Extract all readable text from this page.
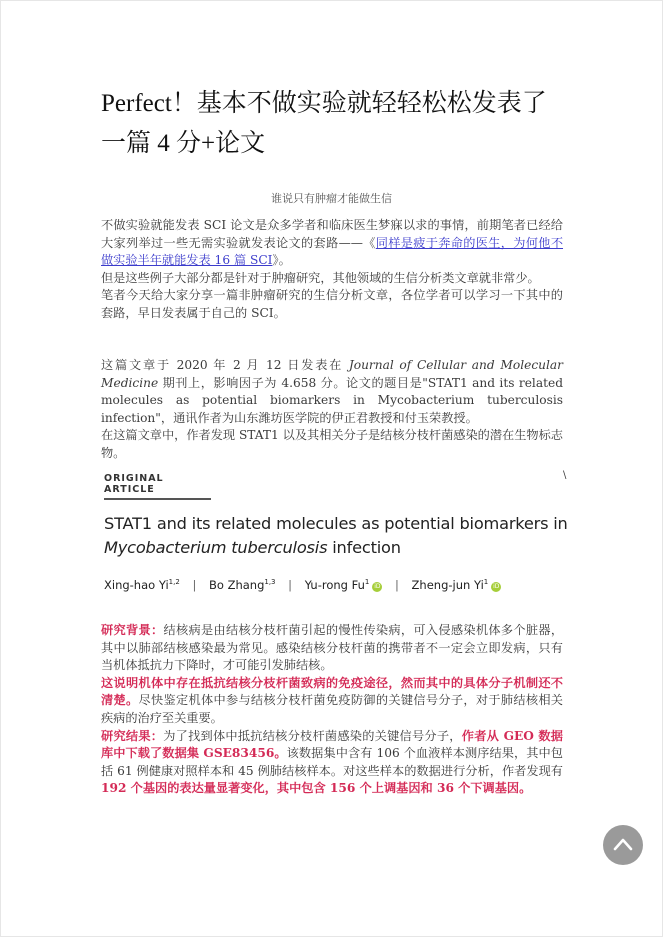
Perfect！基本不做实验就轻轻松松发表了一篇 4 分+论文
谁说只有肿瘤才能做生信

不做实验就能发表 SCI 论文是众多学者和临床医生梦寐以求的事情，前期笔者已经给大家列举过一些无需实验就发表论文的套路——《同样是疲于奔命的医生，为何他不做实验半年就能发表 16 篇 SCI》。

但是这些例子大部分都是针对于肿瘤研究，其他领域的生信分析类文章就非常少。

笔者今天给大家分享一篇非肿瘤研究的生信分析文章，各位学者可以学习一下其中的套路，早日发表属于自己的 SCI。

这篇文章于 2020 年 2 月 12 日发表在 Journal of Cellular and Molecular Medicine 期刊上，影响因子为 4.658 分。论文的题目是"STAT1 and its related molecules as potential biomarkers in Mycobacterium tuberculosis infection"，通讯作者为山东潍坊医学院的伊正君教授和付玉荣教授。

在这篇文章中，作者发现 STAT1 以及其相关分子是结核分枝杆菌感染的潜在生物标志物。

ORIGINAL ARTICLE
\
STAT1 and its related molecules as potential biomarkers in Mycobacterium tuberculosis infection
Xing-hao Yi$^{1,2}$ | Bo Zhang$^{1,3}$ | Yu-rong Fu$^1$iD | Zheng-jun Yi$^1$iD

研究背景：结核病是由结核分枝杆菌引起的慢性传染病，可入侵感染机体多个脏器，其中以肺部结核感染最为常见。感染结核分枝杆菌的携带者不一定会立即发病，只有当机体抵抗力下降时，才可能引发肺结核。

这说明机体中存在抵抗结核分枝杆菌致病的免疫途径，然而其中的具体分子机制还不清楚。尽快鉴定机体中参与结核分枝杆菌免疫防御的关键信号分子，对于肺结核相关疾病的治疗至关重要。

研究结果：为了找到体中抵抗结核分枝杆菌感染的关键信号分子，作者从 GEO 数据库中下载了数据集 GSE83456。该数据集中含有 106 个血液样本测序结果，其中包括 61 例健康对照样本和 45 例肺结核样本。对这些样本的数据进行分析，作者发现有 192 个基因的表达量显著变化，其中包含 156 个上调基因和 36 个下调基因。
